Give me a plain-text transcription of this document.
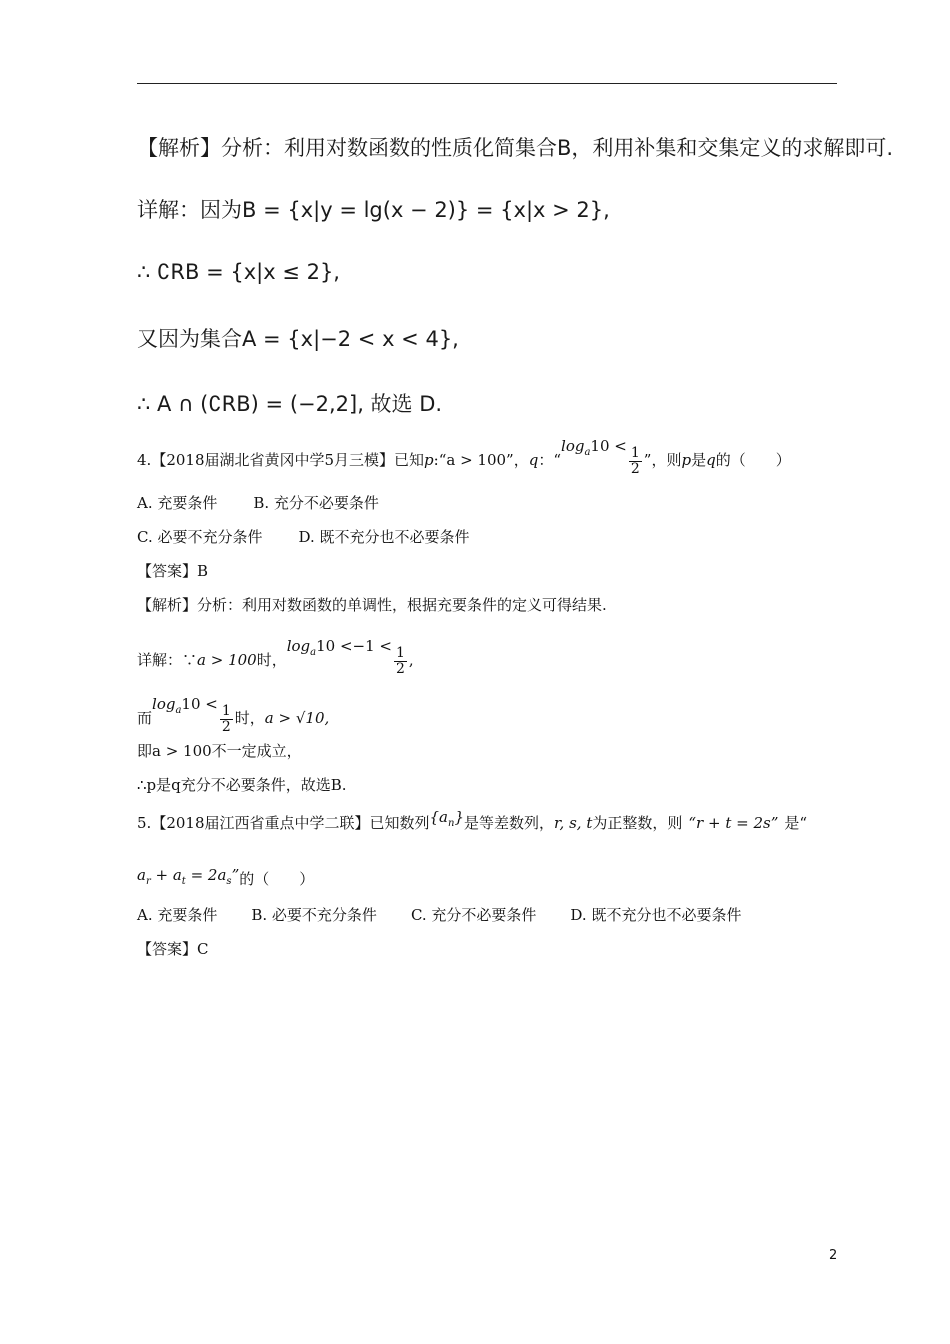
【解析】分析：利用对数函数的性质化简集合B，利用补集和交集定义的求解即可.
详解：因为B = {x|y = lg(x − 2)} = {x|x > 2},
∴ ∁RB = {x|x ≤ 2},
又因为集合A = {x|−2 < x < 4},
∴ A ∩ (∁RB) = (−2,2], 故选 D.
4.【2018届湖北省黄冈中学5月三模】已知p:“a > 100”，q：“$\log_a10 < \frac{1}{2}$ ”，则p是q的（　　）
A. 充要条件 B. 充分不必要条件
C. 必要不充分条件 D. 既不充分也不必要条件
【答案】B
【解析】分析：利用对数函数的单调性，根据充要条件的定义可得结果.
详解：∵a > 100时，$\log_a10 <-1 < \frac{1}{2}$ ,
而$\log_a10 < \frac{1}{2}$ 时，a > √10,
即a > 100不一定成立，
∴p是q充分不必要条件，故选B.
5.【2018届江西省重点中学二联】已知数列$\{a_n\}$是等差数列，r, s, t为正整数，则 “r + t = 2s” 是“
$a_r + a_t = 2a_s$”的（　　）
A. 充要条件 B. 必要不充分条件 C. 充分不必要条件 D. 既不充分也不必要条件
【答案】C
2
